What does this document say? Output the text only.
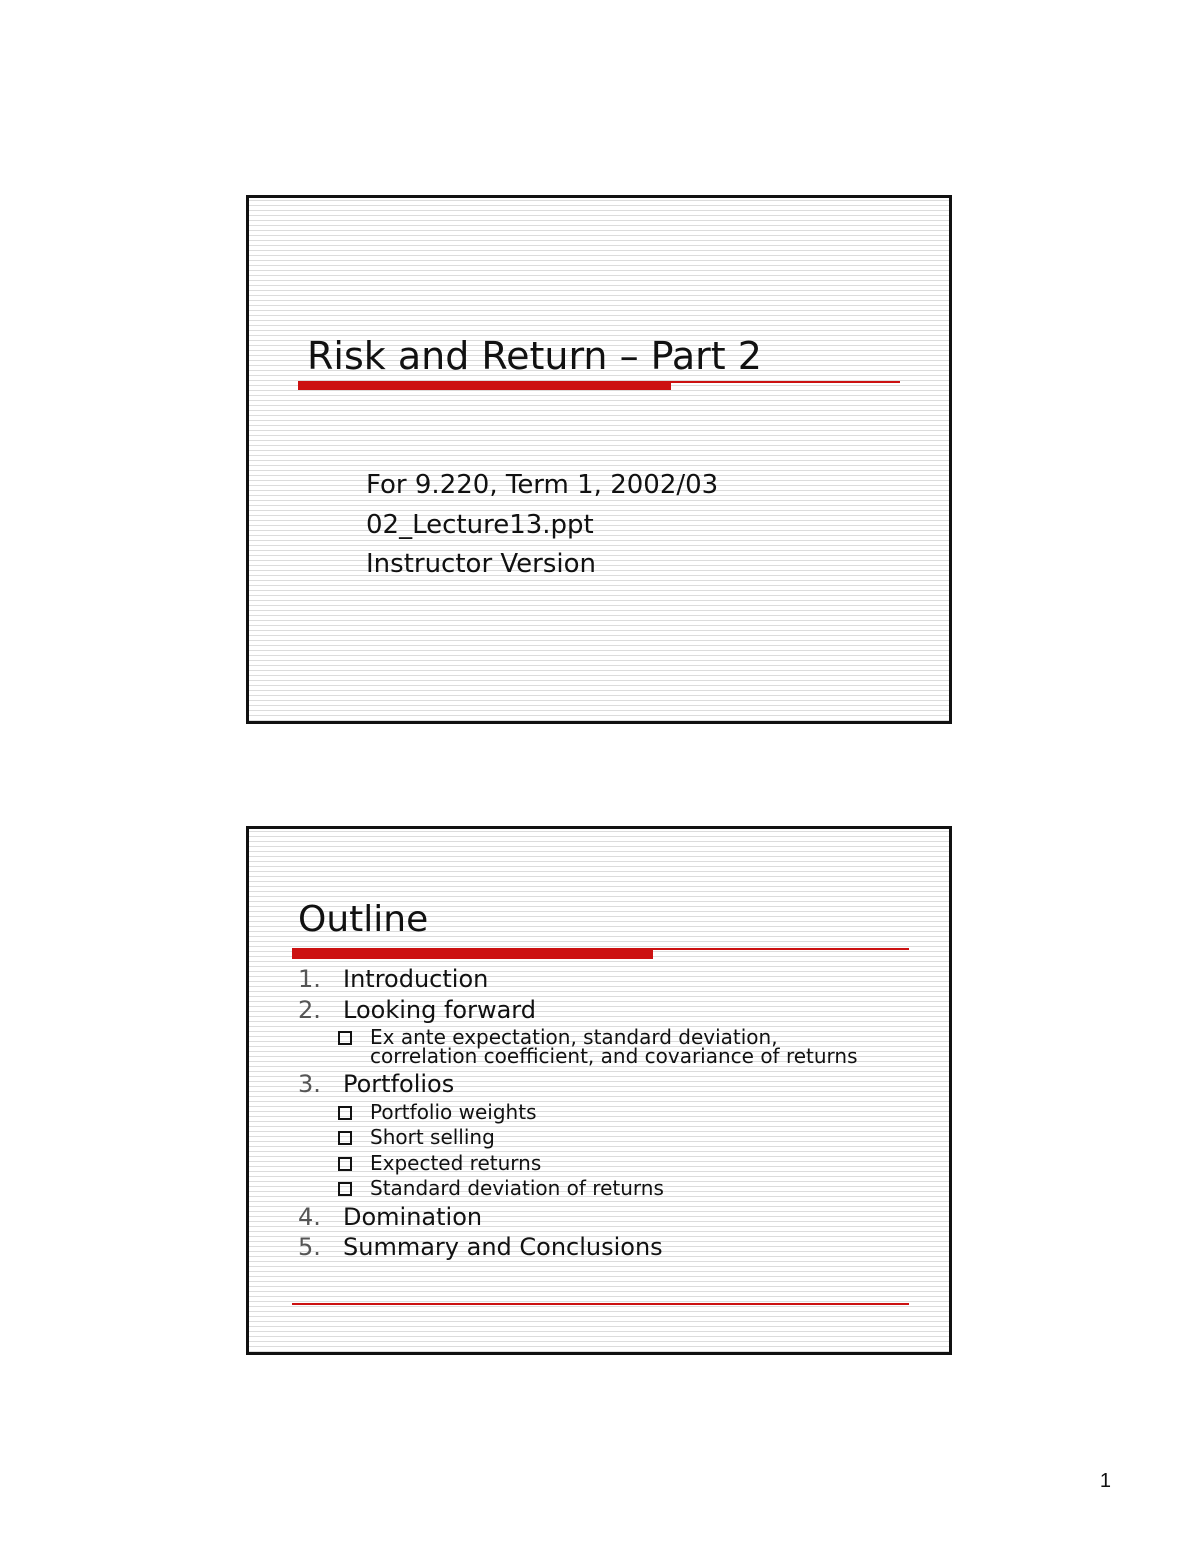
Risk and Return – Part 2
For 9.220, Term 1, 2002/03
02_Lecture13.ppt
Instructor Version
Outline
1. Introduction
2. Looking forward
Ex ante expectation, standard deviation,
correlation coefficient, and covariance of returns
3. Portfolios
Portfolio weights
Short selling
Expected returns
Standard deviation of returns
4. Domination
5. Summary and Conclusions
1
